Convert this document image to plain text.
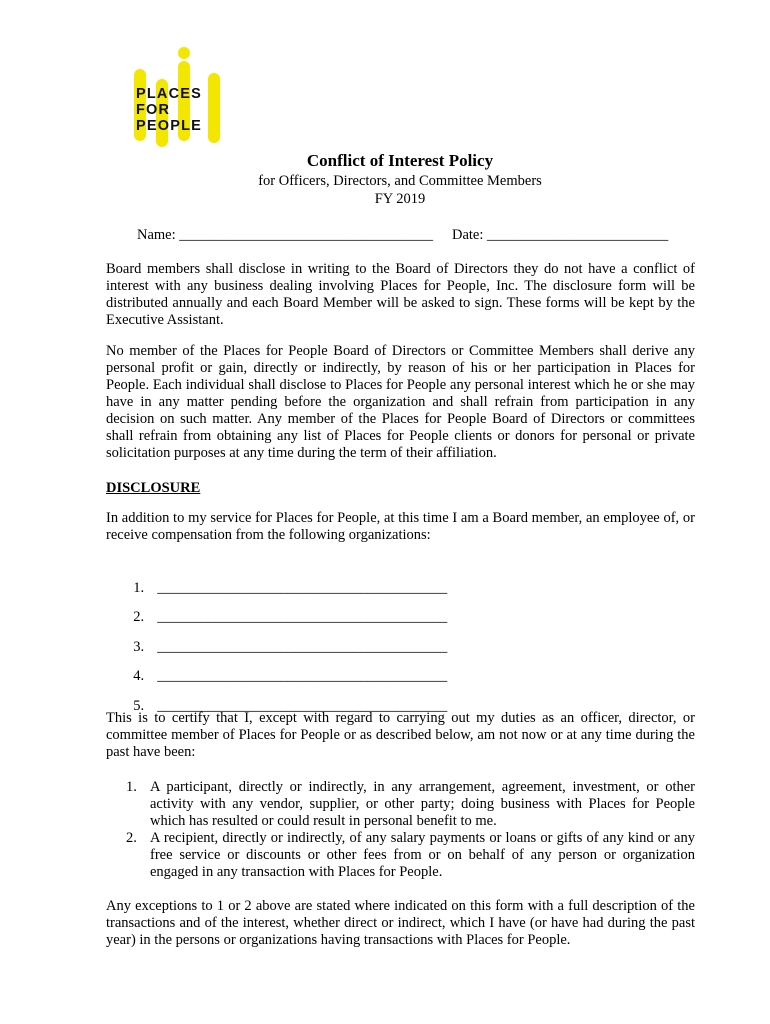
PLACES
FOR
PEOPLE
Conflict of Interest Policy
for Officers, Directors, and Committee Members
FY 2019
Name: ___________________________________ Date: _________________________

Board members shall disclose in writing to the Board of Directors they do not have a conflict of interest with any business dealing involving Places for People, Inc. The disclosure form will be distributed annually and each Board Member will be asked to sign. These forms will be kept by the Executive Assistant.

No member of the Places for People Board of Directors or Committee Members shall derive any personal profit or gain, directly or indirectly, by reason of his or her participation in Places for People. Each individual shall disclose to Places for People any personal interest which he or she may have in any matter pending before the organization and shall refrain from participation in any decision on such matter. Any member of the Places for People Board of Directors or committees shall refrain from obtaining any list of Places for People clients or donors for personal or private solicitation purposes at any time during the term of their affiliation.

DISCLOSURE

In addition to my service for Places for People, at this time I am a Board member, an employee of, or receive compensation from the following organizations:

1. ________________________________________

2. ________________________________________

3. ________________________________________

4. ________________________________________

5. ________________________________________

This is to certify that I, except with regard to carrying out my duties as an officer, director, or committee member of Places for People or as described below, am not now or at any time during the past have been:

1. A participant, directly or indirectly, in any arrangement, agreement, investment, or other activity with any vendor, supplier, or other party; doing business with Places for People which has resulted or could result in personal benefit to me.
2. A recipient, directly or indirectly, of any salary payments or loans or gifts of any kind or any free service or discounts or other fees from or on behalf of any person or organization engaged in any transaction with Places for People.

Any exceptions to 1 or 2 above are stated where indicated on this form with a full description of the transactions and of the interest, whether direct or indirect, which I have (or have had during the past year) in the persons or organizations having transactions with Places for People.
